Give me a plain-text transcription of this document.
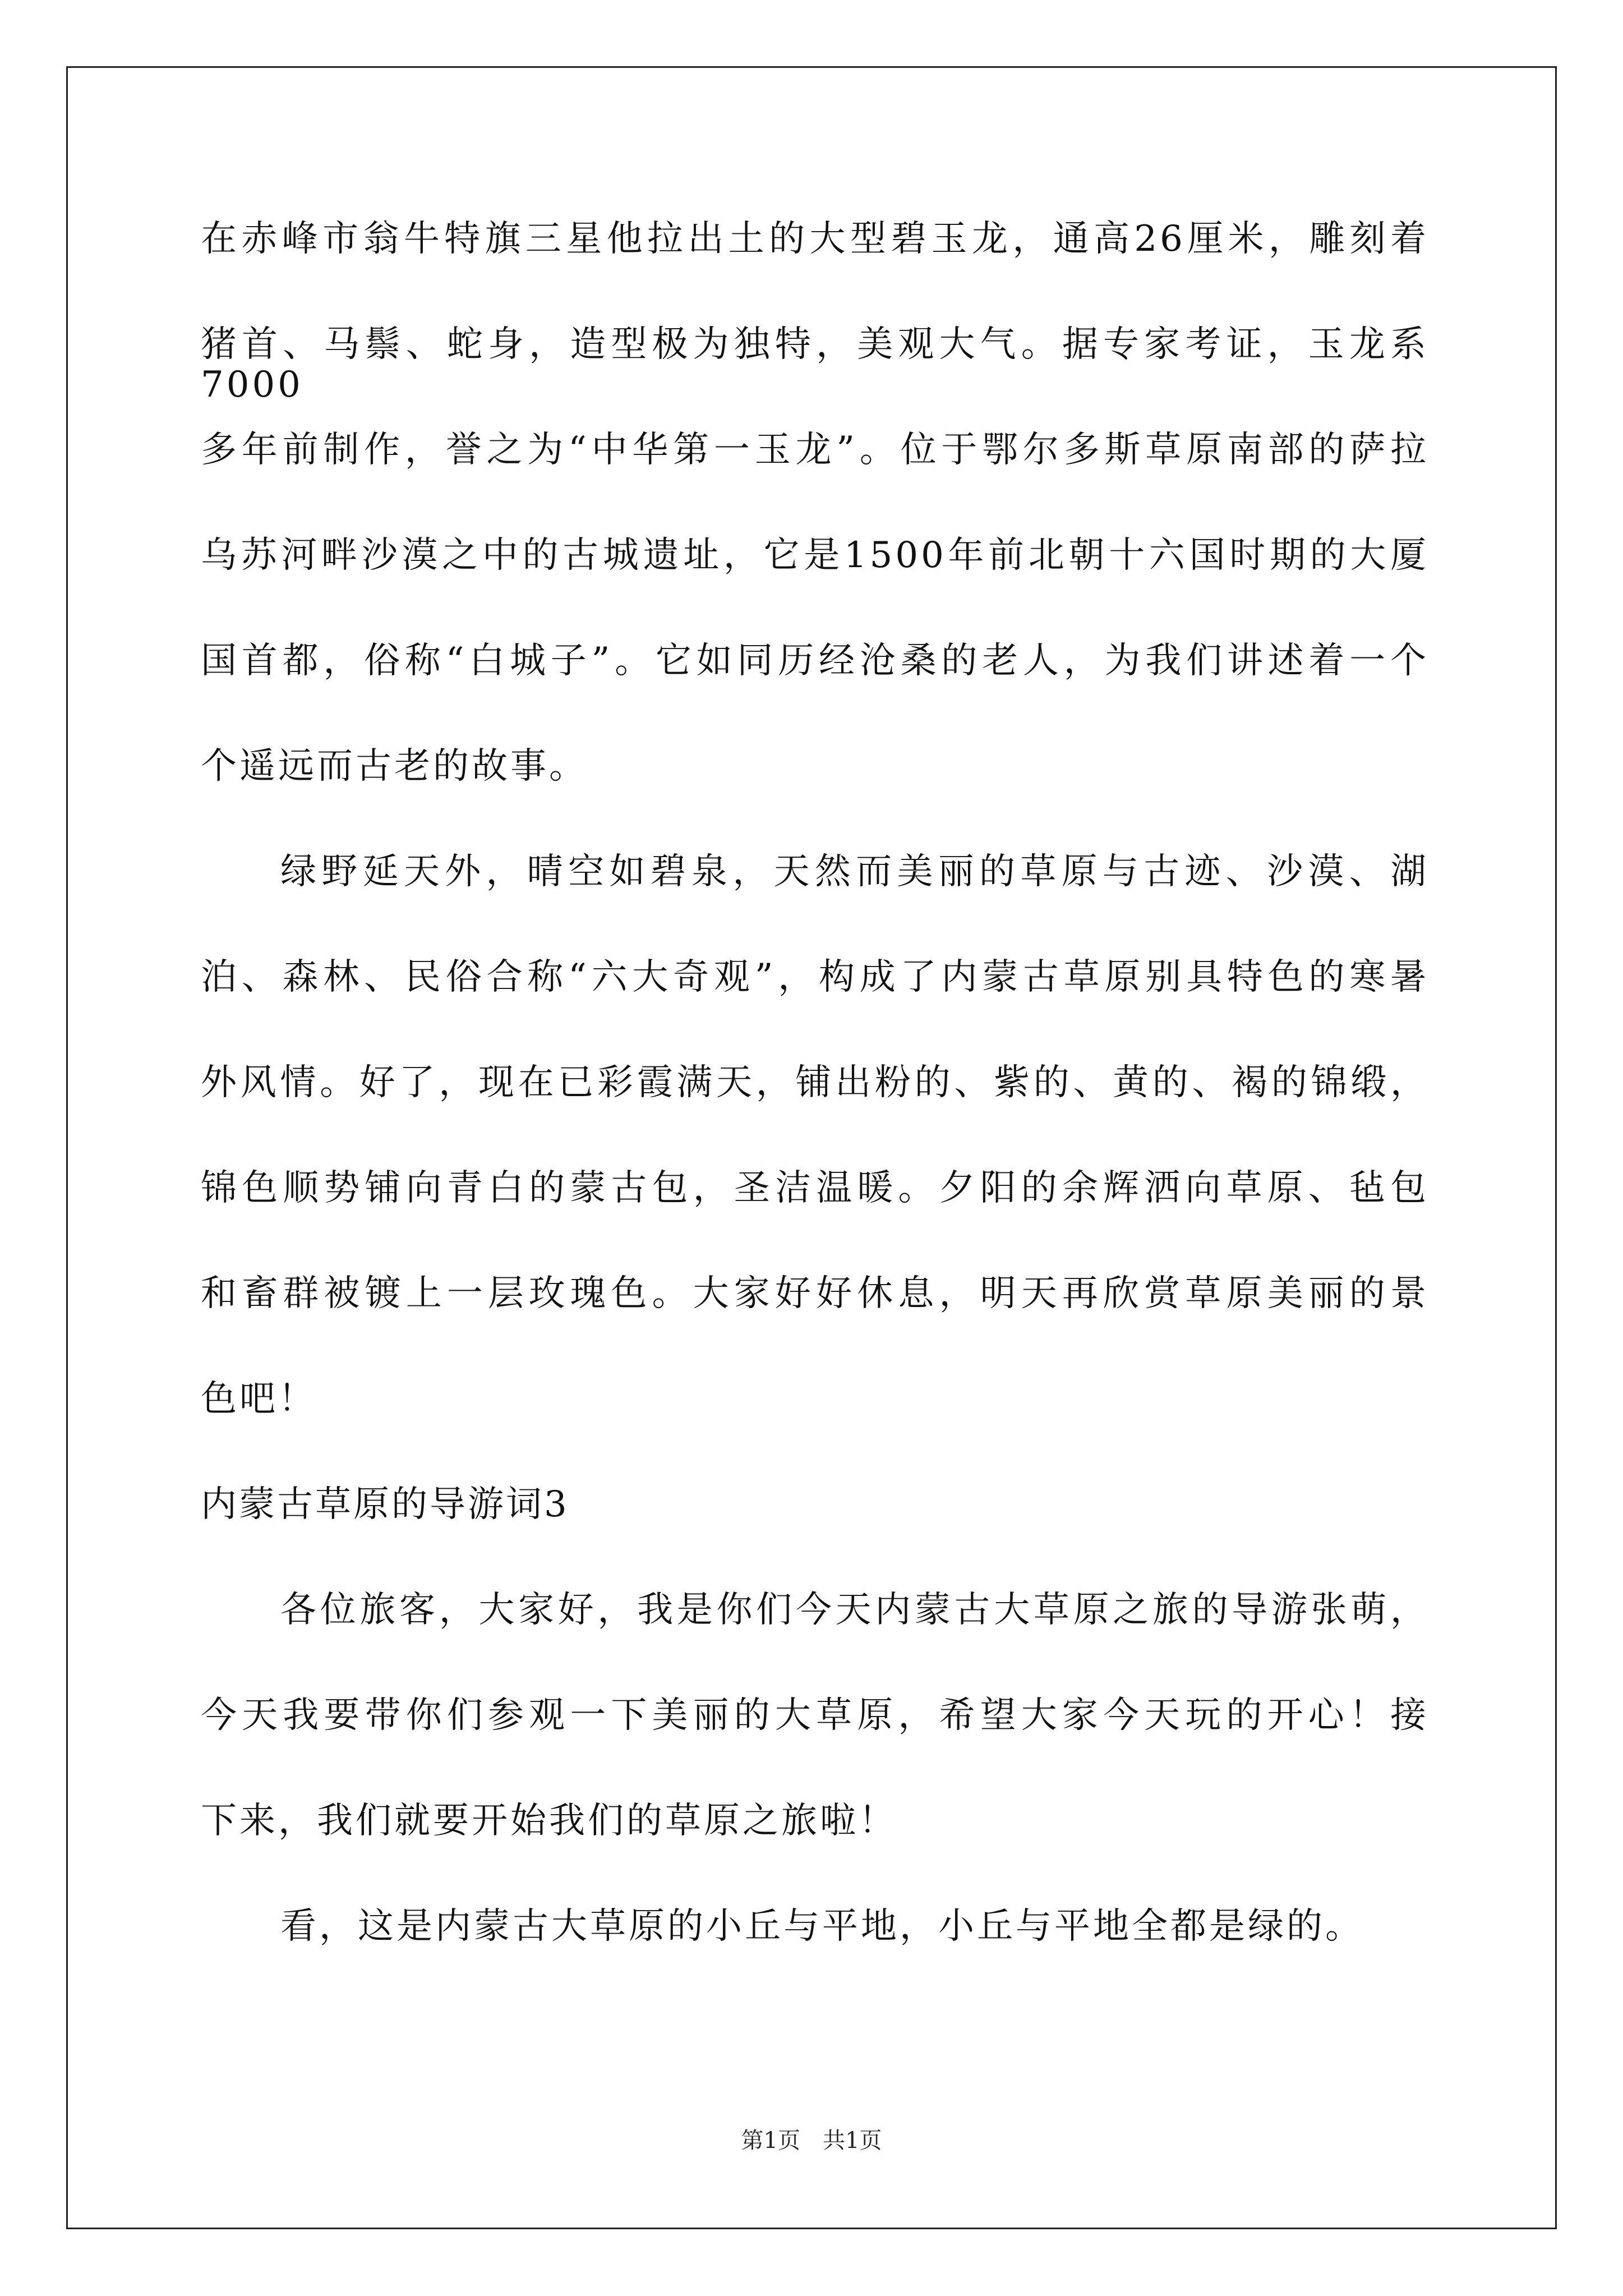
在赤峰市翁牛特旗三星他拉出土的大型碧玉龙，通高26厘米，雕刻着
猪首、马鬃、蛇身，造型极为独特，美观大气。据专家考证，玉龙系7000
多年前制作，誉之为“中华第一玉龙”。位于鄂尔多斯草原南部的萨拉
乌苏河畔沙漠之中的古城遗址，它是1500年前北朝十六国时期的大厦
国首都，俗称“白城子”。它如同历经沧桑的老人，为我们讲述着一个
个遥远而古老的故事。
绿野延天外，晴空如碧泉，天然而美丽的草原与古迹、沙漠、湖
泊、森林、民俗合称“六大奇观”，构成了内蒙古草原别具特色的寒暑
外风情。好了，现在已彩霞满天，铺出粉的、紫的、黄的、褐的锦缎，
锦色顺势铺向青白的蒙古包，圣洁温暖。夕阳的余辉洒向草原、毡包
和畜群被镀上一层玫瑰色。大家好好休息，明天再欣赏草原美丽的景
色吧！
内蒙古草原的导游词3
各位旅客，大家好，我是你们今天内蒙古大草原之旅的导游张萌，
今天我要带你们参观一下美丽的大草原，希望大家今天玩的开心！接
下来，我们就要开始我们的草原之旅啦！
看，这是内蒙古大草原的小丘与平地，小丘与平地全都是绿的。
第1页　共1页
